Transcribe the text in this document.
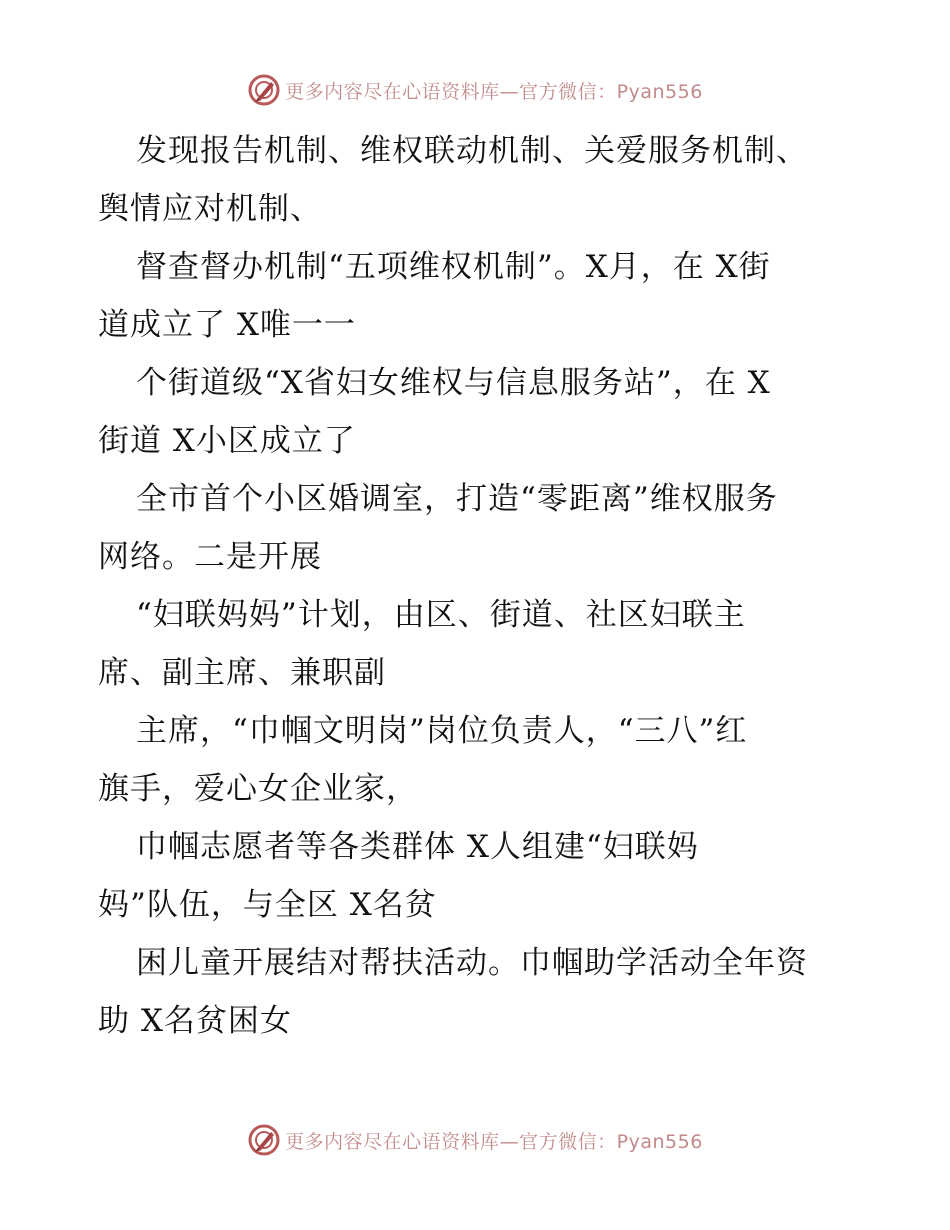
更多内容尽在心语资料库—官方微信：Pyan556
发现报告机制、维权联动机制、关爱服务机制、
舆情应对机制、
督查督办机制“五项维权机制”。X月，在 X街
道成立了 X唯一一
个街道级“X省妇女维权与信息服务站”，在 X
街道 X小区成立了
全市首个小区婚调室，打造“零距离”维权服务
网络。二是开展
“妇联妈妈”计划，由区、街道、社区妇联主
席、副主席、兼职副
主席，“巾帼文明岗”岗位负责人，“三八”红
旗手，爱心女企业家，
巾帼志愿者等各类群体 X人组建“妇联妈
妈”队伍，与全区 X名贫
困儿童开展结对帮扶活动。巾帼助学活动全年资
助 X名贫困女
更多内容尽在心语资料库—官方微信：Pyan556
